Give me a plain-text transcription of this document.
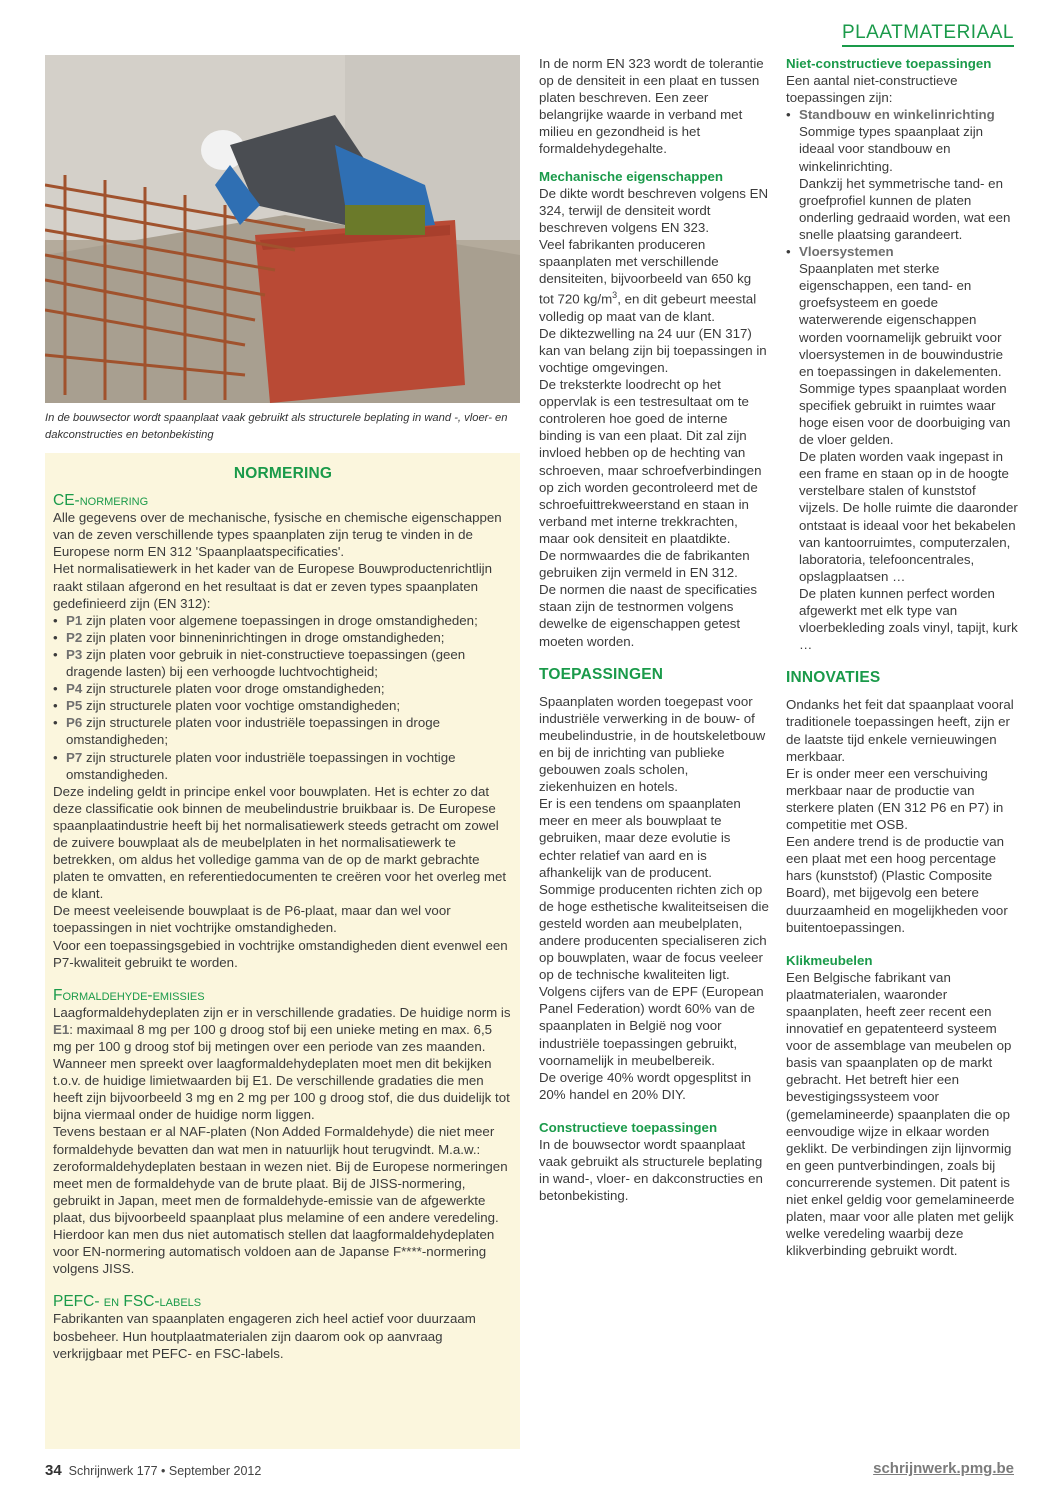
PLAATMATERIAAL
In de bouwsector wordt spaanplaat vaak gebruikt als structurele beplating in wand -, vloer- en dakconstructies en betonbekisting

NORMERING

CE-normering

Alle gegevens over de mechanische, fysische en chemische eigenschappen van de zeven verschillende types spaanplaten zijn terug te vinden in de Europese norm EN 312 'Spaanplaatspecificaties'.

Het normalisatiewerk in het kader van de Europese Bouwproductenrichtlijn raakt stilaan afgerond en het resultaat is dat er zeven types spaanplaten gedefinieerd zijn (EN 312):

• P1 zijn platen voor algemene toepassingen in droge omstandigheden;
• P2 zijn platen voor binneninrichtingen in droge omstandigheden;
• P3 zijn platen voor gebruik in niet-constructieve toepassingen (geen dragende lasten) bij een verhoogde luchtvochtigheid;
• P4 zijn structurele platen voor droge omstandigheden;
• P5 zijn structurele platen voor vochtige omstandigheden;
• P6 zijn structurele platen voor industriële toepassingen in droge omstandigheden;
• P7 zijn structurele platen voor industriële toepassingen in vochtige omstandigheden.

Deze indeling geldt in principe enkel voor bouwplaten. Het is echter zo dat deze classificatie ook binnen de meubelindustrie bruikbaar is. De Europese spaanplaatindustrie heeft bij het normalisatiewerk steeds getracht om zowel de zuivere bouwplaat als de meubelplaten in het normalisatiewerk te betrekken, om aldus het volledige gamma van de op de markt gebrachte platen te omvatten, en referentiedocumenten te creëren voor het overleg met de klant.

De meest veeleisende bouwplaat is de P6-plaat, maar dan wel voor toepassingen in niet vochtrijke omstandigheden.

Voor een toepassingsgebied in vochtrijke omstandigheden dient evenwel een P7-kwaliteit gebruikt te worden.

Formaldehyde-emissies

Laagformaldehydeplaten zijn er in verschillende gradaties. De huidige norm is E1: maximaal 8 mg per 100 g droog stof bij een unieke meting en max. 6,5 mg per 100 g droog stof bij metingen over een periode van zes maanden. Wanneer men spreekt over laagformaldehydeplaten moet men dit bekijken t.o.v. de huidige limietwaarden bij E1. De verschillende gradaties die men heeft zijn bijvoorbeeld 3 mg en 2 mg per 100 g droog stof, die dus duidelijk tot bijna viermaal onder de huidige norm liggen.

Tevens bestaan er al NAF-platen (Non Added Formaldehyde) die niet meer formaldehyde bevatten dan wat men in natuurlijk hout terugvindt. M.a.w.: zeroformaldehydeplaten bestaan in wezen niet. Bij de Europese normeringen meet men de formaldehyde van de brute plaat. Bij de JISS-normering, gebruikt in Japan, meet men de formaldehyde-emissie van de afgewerkte plaat, dus bijvoorbeeld spaanplaat plus melamine of een andere veredeling. Hierdoor kan men dus niet automatisch stellen dat laagformaldehydeplaten voor EN-normering automatisch voldoen aan de Japanse F****-normering volgens JISS.

PEFC- en FSC-labels

Fabrikanten van spaanplaten engageren zich heel actief voor duurzaam bosbeheer. Hun houtplaatmaterialen zijn daarom ook op aanvraag verkrijgbaar met PEFC- en FSC-labels.

In de norm EN 323 wordt de tolerantie op de densiteit in een plaat en tussen platen beschreven. Een zeer belangrijke waarde in verband met milieu en gezondheid is het formaldehydegehalte.

Mechanische eigenschappen

De dikte wordt beschreven volgens EN 324, terwijl de densiteit wordt beschreven volgens EN 323.

Veel fabrikanten produceren spaanplaten met verschillende densiteiten, bijvoorbeeld van 650 kg tot 720 $kg/m^3$, en dit gebeurt meestal volledig op maat van de klant.

De diktezwelling na 24 uur (EN 317) kan van belang zijn bij toepassingen in vochtige omgevingen.

De treksterkte loodrecht op het oppervlak is een testresultaat om te controleren hoe goed de interne binding is van een plaat. Dit zal zijn invloed hebben op de hechting van schroeven, maar schroefverbindingen op zich worden gecontroleerd met de schroefuittrekweerstand en staan in verband met interne trekkrachten, maar ook densiteit en plaatdikte.

De normwaardes die de fabrikanten gebruiken zijn vermeld in EN 312.

De normen die naast de specificaties staan zijn de testnormen volgens dewelke de eigenschappen getest moeten worden.

TOEPASSINGEN

Spaanplaten worden toegepast voor industriële verwerking in de bouw- of meubelindustrie, in de houtskeletbouw en bij de inrichting van publieke gebouwen zoals scholen, ziekenhuizen en hotels.

Er is een tendens om spaanplaten meer en meer als bouwplaat te gebruiken, maar deze evolutie is echter relatief van aard en is afhankelijk van de producent.

Sommige producenten richten zich op de hoge esthetische kwaliteitseisen die gesteld worden aan meubelplaten, andere producenten specialiseren zich op bouwplaten, waar de focus veeleer op de technische kwaliteiten ligt.

Volgens cijfers van de EPF (European Panel Federation) wordt 60% van de spaanplaten in België nog voor industriële toepassingen gebruikt, voornamelijk in meubelbereik.

De overige 40% wordt opgesplitst in 20% handel en 20% DIY.

Constructieve toepassingen

In de bouwsector wordt spaanplaat vaak gebruikt als structurele beplating in wand-, vloer- en dakconstructies en betonbekisting.

Niet-constructieve toepassingen

Een aantal niet-constructieve toepassingen zijn:

• Standbouw en winkelinrichting

Sommige types spaanplaat zijn ideaal voor standbouw en winkelinrichting.

Dankzij het symmetrische tand- en groefprofiel kunnen de platen onderling gedraaid worden, wat een snelle plaatsing garandeert.

• Vloersystemen

Spaanplaten met sterke eigenschappen, een tand- en groefsysteem en goede waterwerende eigenschappen worden voornamelijk gebruikt voor vloersystemen in de bouwindustrie en toepassingen in dakelementen.

Sommige types spaanplaat worden specifiek gebruikt in ruimtes waar hoge eisen voor de doorbuiging van de vloer gelden.

De platen worden vaak ingepast in een frame en staan op in de hoogte verstelbare stalen of kunststof vijzels. De holle ruimte die daaronder ontstaat is ideaal voor het bekabelen van kantoorruimtes, computerzalen, laboratoria, telefooncentrales, opslagplaatsen …

De platen kunnen perfect worden afgewerkt met elk type van vloerbekleding zoals vinyl, tapijt, kurk …

INNOVATIES

Ondanks het feit dat spaanplaat vooral traditionele toepassingen heeft, zijn er de laatste tijd enkele vernieuwingen merkbaar.

Er is onder meer een verschuiving merkbaar naar de productie van sterkere platen (EN 312 P6 en P7) in competitie met OSB.

Een andere trend is de productie van een plaat met een hoog percentage hars (kunststof) (Plastic Composite Board), met bijgevolg een betere duurzaamheid en mogelijkheden voor buitentoepassingen.

Klikmeubelen

Een Belgische fabrikant van plaatmaterialen, waaronder spaanplaten, heeft zeer recent een innovatief en gepatenteerd systeem voor de assemblage van meubelen op basis van spaanplaten op de markt gebracht. Het betreft hier een bevestigingssysteem voor (gemelamineerde) spaanplaten die op eenvoudige wijze in elkaar worden geklikt. De verbindingen zijn lijnvormig en geen puntverbindingen, zoals bij concurrerende systemen. Dit patent is niet enkel geldig voor gemelamineerde platen, maar voor alle platen met gelijk welke veredeling waarbij deze klikverbinding gebruikt wordt.

34 Schrijnwerk 177 • September 2012	schrijnwerk.pmg.be
